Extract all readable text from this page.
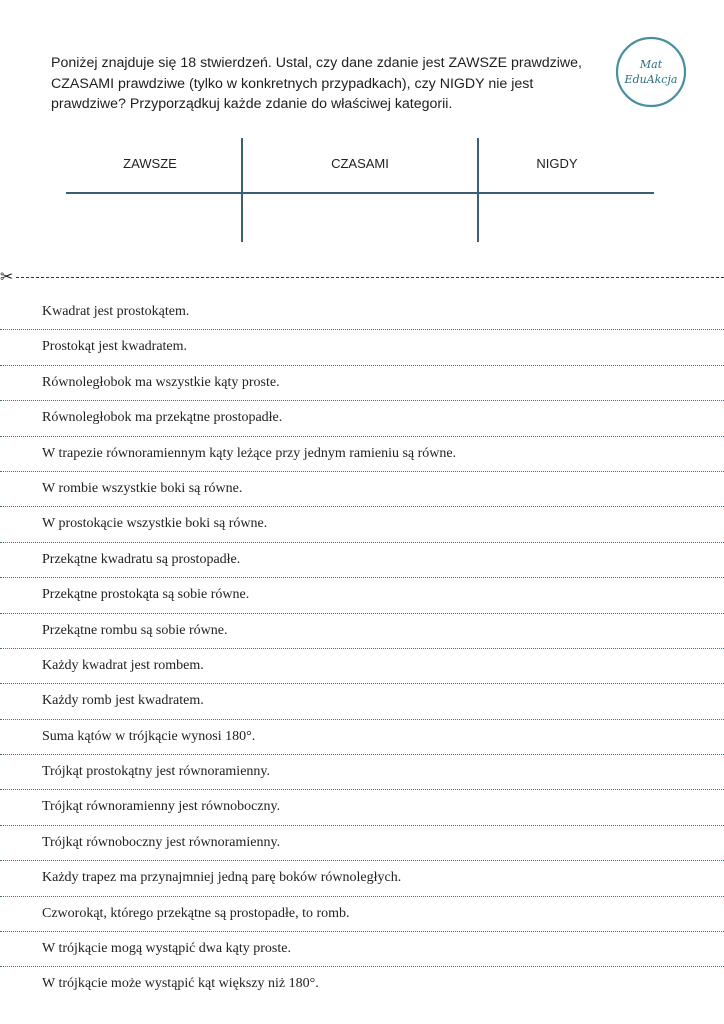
Poniżej znajduje się 18 stwierdzeń. Ustal, czy dane zdanie jest ZAWSZE prawdziwe, CZASAMI prawdziwe (tylko w konkretnych przypadkach), czy NIGDY nie jest prawdziwe? Przyporządkuj każde zdanie do właściwej kategorii.
Mat
EduAkcja
ZAWSZE	CZASAMI	NIGDY
✂
Kwadrat jest prostokątem.
Prostokąt jest kwadratem.
Równoległobok ma wszystkie kąty proste.
Równoległobok ma przekątne prostopadłe.
W trapezie równoramiennym kąty leżące przy jednym ramieniu są równe.
W rombie wszystkie boki są równe.
W prostokącie wszystkie boki są równe.
Przekątne kwadratu są prostopadłe.
Przekątne prostokąta są sobie równe.
Przekątne rombu są sobie równe.
Każdy kwadrat jest rombem.
Każdy romb jest kwadratem.
Suma kątów w trójkącie wynosi 180°.
Trójkąt prostokątny jest równoramienny.
Trójkąt równoramienny jest równoboczny.
Trójkąt równoboczny jest równoramienny.
Każdy trapez ma przynajmniej jedną parę boków równoległych.
Czworokąt, którego przekątne są prostopadłe, to romb.
W trójkącie mogą wystąpić dwa kąty proste.
W trójkącie może wystąpić kąt większy niż 180°.
